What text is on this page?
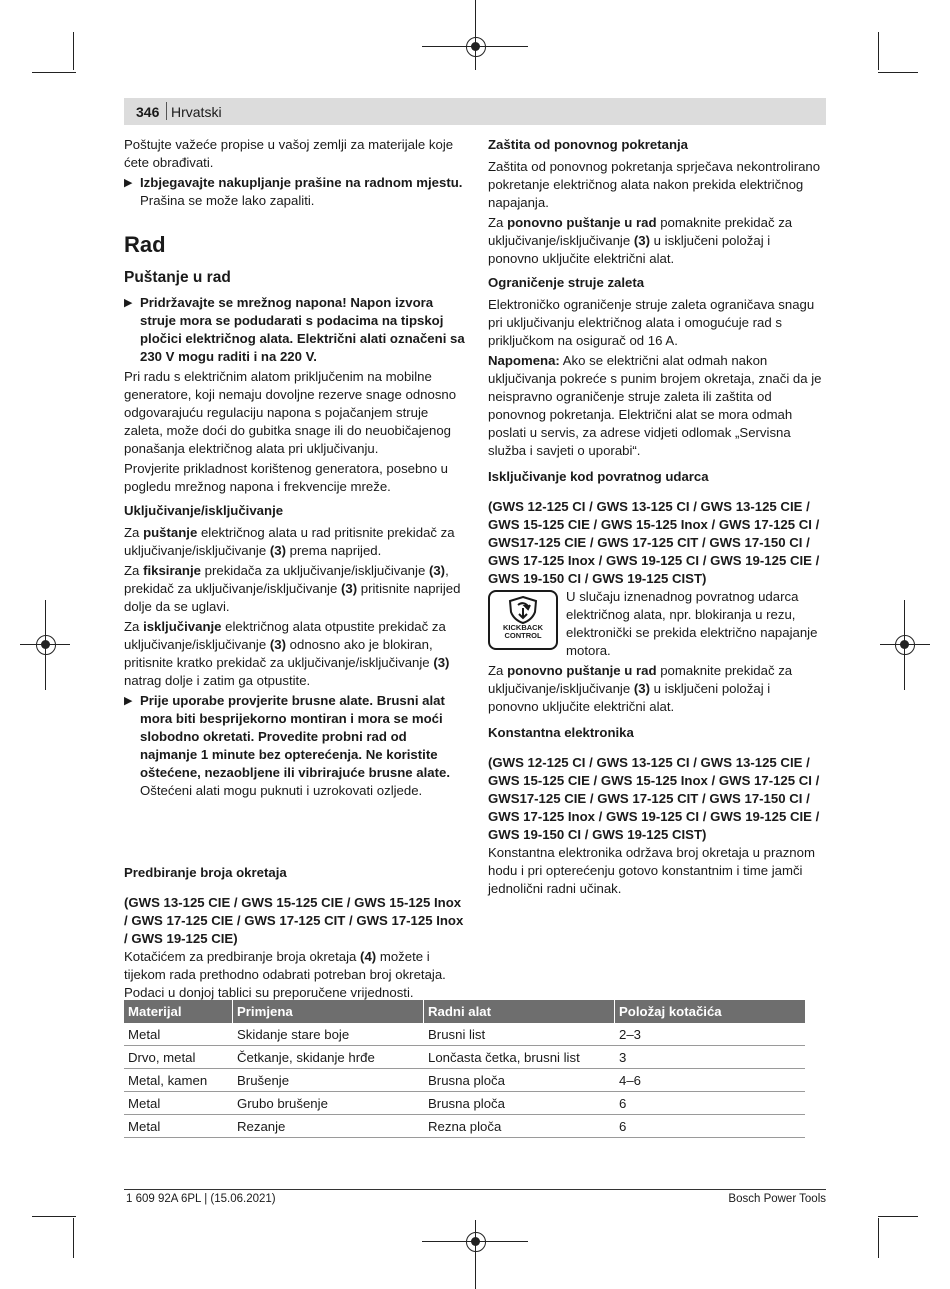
346 Hrvatski

Poštujte važeće propise u vašoj zemlji za materijale koje ćete obrađivati.

▶ Izbjegavajte nakupljanje prašine na radnom mjestu. Prašina se može lako zapaliti.
Rad
Puštanje u rad
▶ Pridržavajte se mrežnog napona! Napon izvora struje mora se podudarati s podacima na tipskoj pločici električnog alata. Električni alati označeni sa 230 V mogu raditi i na 220 V.

Pri radu s električnim alatom priključenim na mobilne generatore, koji nemaju dovoljne rezerve snage odnosno odgovarajuću regulaciju napona s pojačanjem struje zaleta, može doći do gubitka snage ili do neuobičajenog ponašanja električnog alata pri uključivanju.

Provjerite prikladnost korištenog generatora, posebno u pogledu mrežnog napona i frekvencije mreže.

Uključivanje/isključivanje

Za puštanje električnog alata u rad pritisnite prekidač za uključivanje/isključivanje (3) prema naprijed.

Za fiksiranje prekidača za uključivanje/isključivanje (3), prekidač za uključivanje/isključivanje (3) pritisnite naprijed dolje da se uglavi.

Za isključivanje električnog alata otpustite prekidač za uključivanje/isključivanje (3) odnosno ako je blokiran, pritisnite kratko prekidač za uključivanje/isključivanje (3) natrag dolje i zatim ga otpustite.

▶ Prije uporabe provjerite brusne alate. Brusni alat mora biti besprijekorno montiran i mora se moći slobodno okretati. Provedite probni rad od najmanje 1 minute bez opterećenja. Ne koristite oštećene, nezaobljene ili vibrirajuće brusne alate. Oštećeni alati mogu puknuti i uzrokovati ozljede.
Predbiranje broja okretaja
(GWS 13-125 CIE / GWS 15-125 CIE / GWS 15-125 Inox / GWS 17-125 CIE / GWS 17-125 CIT / GWS 17-125 Inox / GWS 19-125 CIE)

Kotačićem za predbiranje broja okretaja (4) možete i tijekom rada prethodno odabrati potreban broj okretaja. Podaci u donjoj tablici su preporučene vrijednosti.

Zaštita od ponovnog pokretanja

Zaštita od ponovnog pokretanja sprječava nekontrolirano pokretanje električnog alata nakon prekida električnog napajanja.

Za ponovno puštanje u rad pomaknite prekidač za uključivanje/isključivanje (3) u isključeni položaj i ponovno uključite električni alat.

Ograničenje struje zaleta

Elektroničko ograničenje struje zaleta ograničava snagu pri uključivanju električnog alata i omogućuje rad s priključkom na osigurač od 16 A.

Napomena: Ako se električni alat odmah nakon uključivanja pokreće s punim brojem okretaja, znači da je neispravno ograničenje struje zaleta ili zaštita od ponovnog pokretanja. Električni alat se mora odmah poslati u servis, za adrese vidjeti odlomak „Servisna služba i savjeti o uporabi“.

Isključivanje kod povratnog udarca
(GWS 12-125 CI / GWS 13-125 CI / GWS 13-125 CIE / GWS 15-125 CIE / GWS 15-125 Inox / GWS 17-125 CI / GWS17-125 CIE / GWS 17-125 CIT / GWS 17-150 CI / GWS 17-125 Inox / GWS 19-125 CI / GWS 19-125 CIE / GWS 19-150 CI / GWS 19-125 CIST)
KICKBACK
CONTROL

U slučaju iznenadnog povratnog udarca električnog alata, npr. blokiranja u rezu, elektronički se prekida električno napajanje motora.

Za ponovno puštanje u rad pomaknite prekidač za uključivanje/isključivanje (3) u isključeni položaj i ponovno uključite električni alat.

Konstantna elektronika
(GWS 12-125 CI / GWS 13-125 CI / GWS 13-125 CIE / GWS 15-125 CIE / GWS 15-125 Inox / GWS 17-125 CI / GWS17-125 CIE / GWS 17-125 CIT / GWS 17-150 CI / GWS 17-125 Inox / GWS 19-125 CI / GWS 19-125 CIE / GWS 19-150 CI / GWS 19-125 CIST)

Konstantna elektronika održava broj okretaja u praznom hodu i pri opterećenju gotovo konstantnim i time jamči jednolični radni učinak.

Materijal	Primjena	Radni alat	Položaj kotačića
Metal	Skidanje stare boje	Brusni list	2–3
Drvo, metal	Četkanje, skidanje hrđe	Lončasta četka, brusni list	3
Metal, kamen	Brušenje	Brusna ploča	4–6
Metal	Grubo brušenje	Brusna ploča	6
Metal	Rezanje	Rezna ploča	6
1 609 92A 6PL | (15.06.2021)	Bosch Power Tools
